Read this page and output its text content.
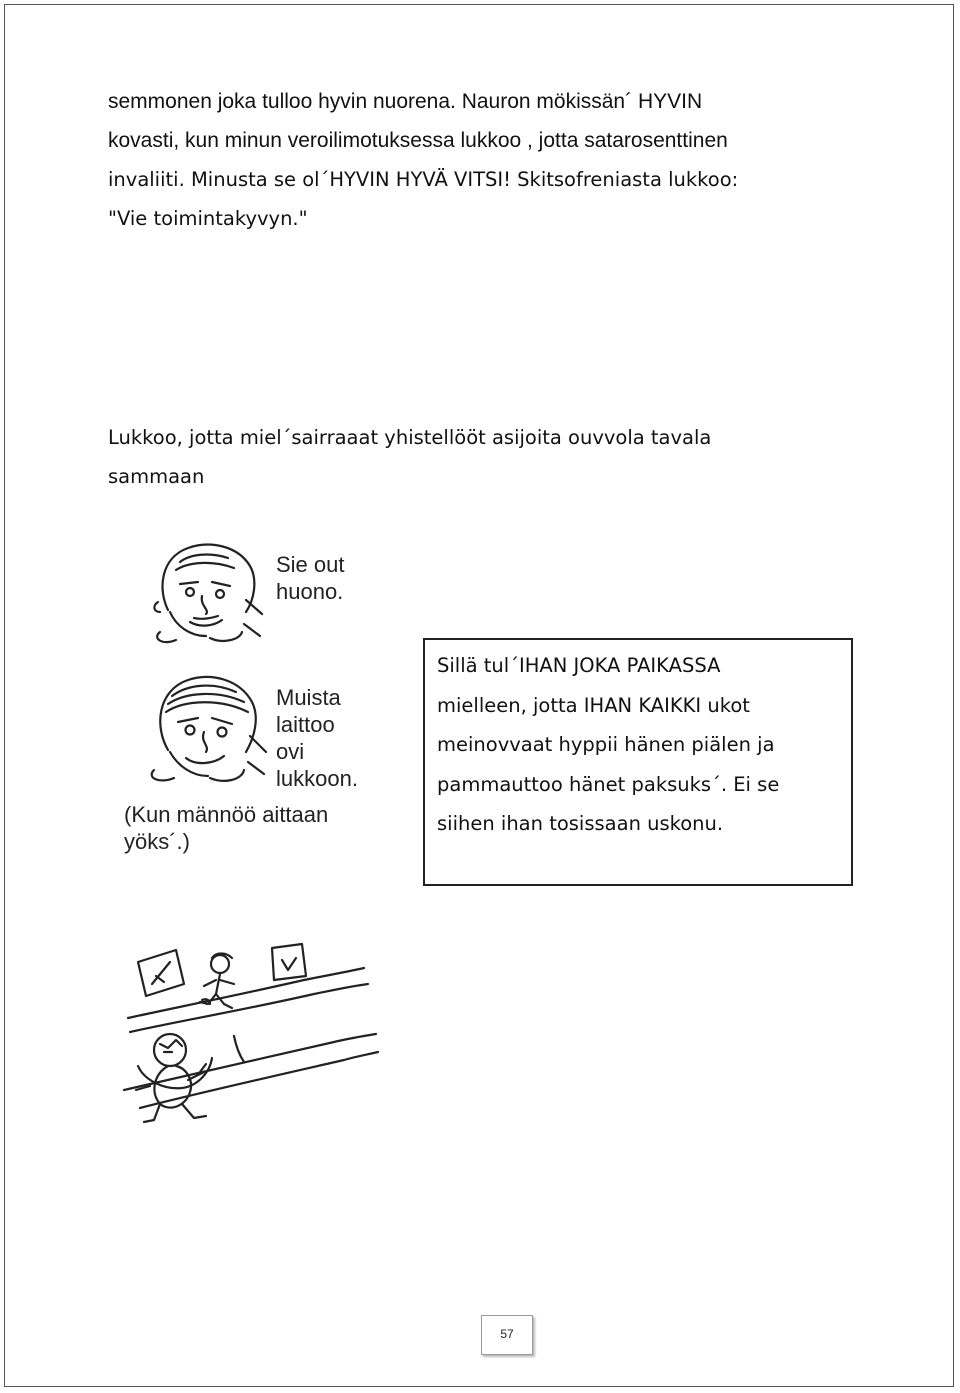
semmonen joka tulloo hyvin nuorena. Nauron mökissän´ HYVIN
kovasti, kun minun veroilimotuksessa lukkoo , jotta satarosenttinen
invaliiti. Minusta se ol´HYVIN HYVÄ VITSI! Skitsofreniasta lukkoo:
"Vie toimintakyvyn."

Lukkoo, jotta miel´sairraaat yhistellööt asijoita ouvvola tavala
sammaan

Sie out
huono.
Muista
laittoo
ovi
lukkoon.
(Kun männöö aittaan
yöks´.)

Sillä tul´IHAN JOKA PAIKASSA
mielleen, jotta IHAN KAIKKI ukot
meinovvaat hyppii hänen piälen ja
pammauttoo hänet paksuks´. Ei se
siihen ihan tosissaan uskonu.

57
